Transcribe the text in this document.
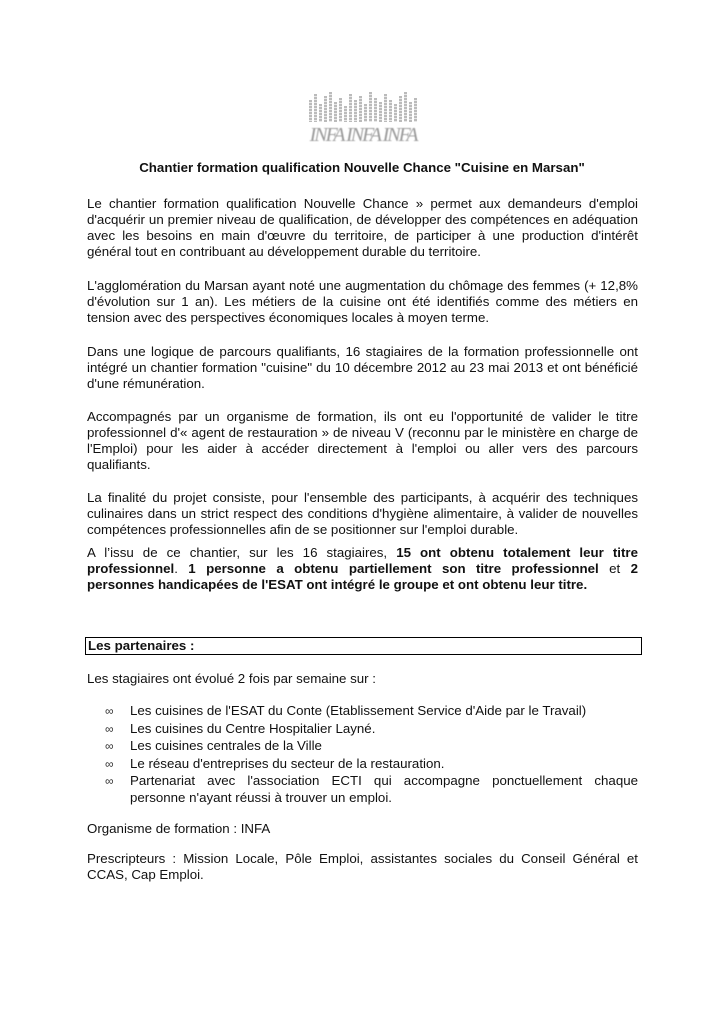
INFA INFA INFA
Chantier formation qualification Nouvelle Chance "Cuisine en Marsan"

Le chantier formation qualification Nouvelle Chance » permet aux demandeurs d'emploi d'acquérir un premier niveau de qualification, de développer des compétences en adéquation avec les besoins en main d'œuvre du territoire, de participer à une production d'intérêt général tout en contribuant au développement durable du territoire.

L'agglomération du Marsan ayant noté une augmentation du chômage des femmes (+ 12,8% d'évolution sur 1 an). Les métiers de la cuisine ont été identifiés comme des métiers en tension avec des perspectives économiques locales à moyen terme.

Dans une logique de parcours qualifiants, 16 stagiaires de la formation professionnelle ont intégré un chantier formation "cuisine" du 10 décembre 2012 au 23 mai 2013 et ont bénéficié d'une rémunération.

Accompagnés par un organisme de formation, ils ont eu l'opportunité de valider le titre professionnel d'« agent de restauration » de niveau V (reconnu par le ministère en charge de l'Emploi) pour les aider à accéder directement à l'emploi ou aller vers des parcours qualifiants.

La finalité du projet consiste, pour l'ensemble des participants, à acquérir des techniques culinaires dans un strict respect des conditions d'hygiène alimentaire, à valider de nouvelles compétences professionnelles afin de se positionner sur l'emploi durable.

A l’issu de ce chantier, sur les 16 stagiaires, 15 ont obtenu totalement leur titre professionnel. 1 personne a obtenu partiellement son titre professionnel et 2 personnes handicapées de l'ESAT ont intégré le groupe et ont obtenu leur titre.

Les partenaires :

Les stagiaires ont évolué 2 fois par semaine sur :

∞ Les cuisines de l'ESAT du Conte (Etablissement Service d'Aide par le Travail)
∞ Les cuisines du Centre Hospitalier Layné.
∞ Les cuisines centrales de la Ville
∞ Le réseau d'entreprises du secteur de la restauration.
∞ Partenariat avec l'association ECTI qui accompagne ponctuellement chaque personne n'ayant réussi à trouver un emploi.

Organisme de formation : INFA

Prescripteurs : Mission Locale, Pôle Emploi, assistantes sociales du Conseil Général et CCAS, Cap Emploi.
